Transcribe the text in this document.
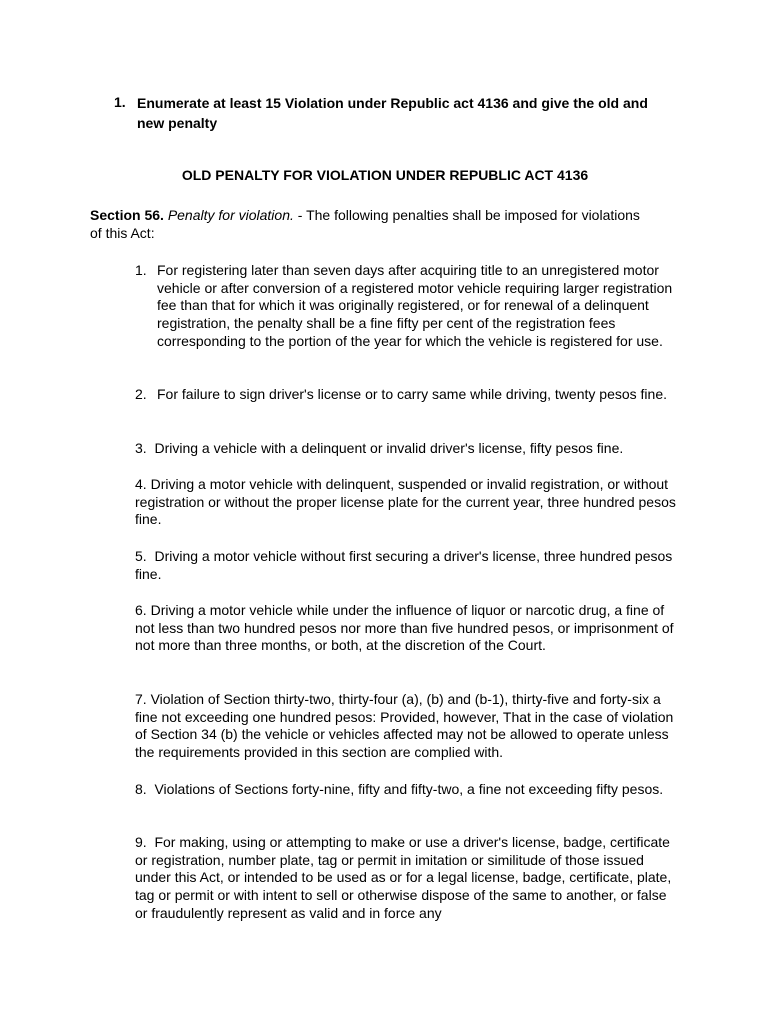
1. Enumerate at least 15 Violation under Republic act 4136 and give the old and new penalty
OLD PENALTY FOR VIOLATION UNDER REPUBLIC ACT 4136
Section 56. Penalty for violation. - The following penalties shall be imposed for violations of this Act:
1. For registering later than seven days after acquiring title to an unregistered motor vehicle or after conversion of a registered motor vehicle requiring larger registration fee than that for which it was originally registered, or for renewal of a delinquent registration, the penalty shall be a fine fifty per cent of the registration fees corresponding to the portion of the year for which the vehicle is registered for use.
2. For failure to sign driver's license or to carry same while driving, twenty pesos fine.
3. Driving a vehicle with a delinquent or invalid driver's license, fifty pesos fine.
4. Driving a motor vehicle with delinquent, suspended or invalid registration, or without registration or without the proper license plate for the current year, three hundred pesos fine.
5. Driving a motor vehicle without first securing a driver's license, three hundred pesos fine.
6. Driving a motor vehicle while under the influence of liquor or narcotic drug, a fine of not less than two hundred pesos nor more than five hundred pesos, or imprisonment of not more than three months, or both, at the discretion of the Court.
7. Violation of Section thirty-two, thirty-four (a), (b) and (b-1), thirty-five and forty-six a fine not exceeding one hundred pesos: Provided, however, That in the case of violation of Section 34 (b) the vehicle or vehicles affected may not be allowed to operate unless the requirements provided in this section are complied with.
8. Violations of Sections forty-nine, fifty and fifty-two, a fine not exceeding fifty pesos.
9. For making, using or attempting to make or use a driver's license, badge, certificate or registration, number plate, tag or permit in imitation or similitude of those issued under this Act, or intended to be used as or for a legal license, badge, certificate, plate, tag or permit or with intent to sell or otherwise dispose of the same to another, or false or fraudulently represent as valid and in force any
